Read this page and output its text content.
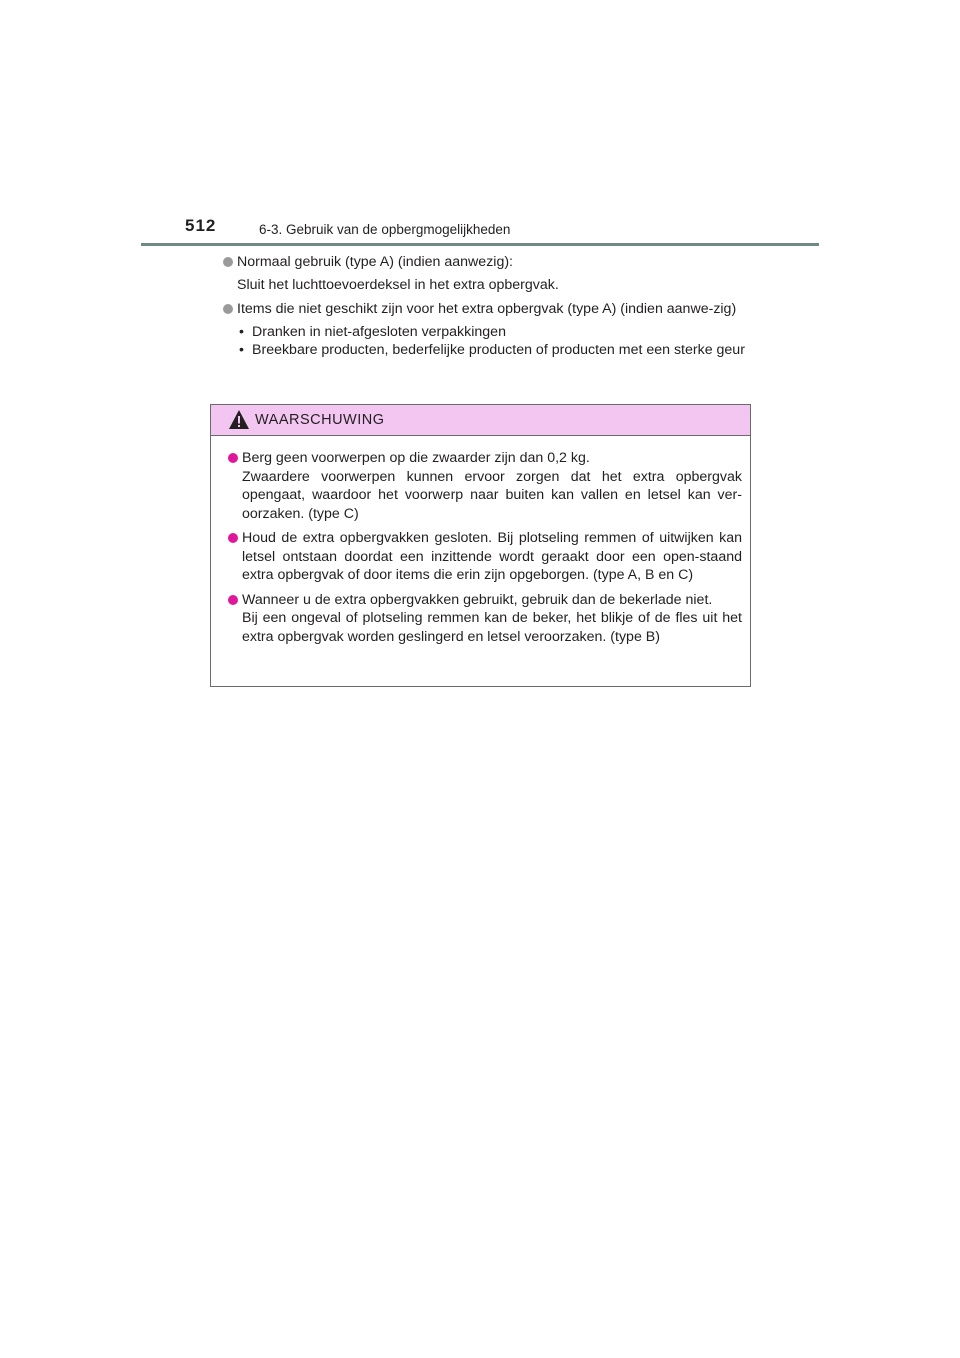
512	6-3. Gebruik van de opbergmogelijkheden
Normaal gebruik (type A) (indien aanwezig):
Sluit het luchttoevoerdeksel in het extra opbergvak.
Items die niet geschikt zijn voor het extra opbergvak (type A) (indien aanwe-zig)
• Dranken in niet-afgesloten verpakkingen
• Breekbare producten, bederfelijke producten of producten met een sterke geur
WAARSCHUWING
Berg geen voorwerpen op die zwaarder zijn dan 0,2 kg.
Zwaardere voorwerpen kunnen ervoor zorgen dat het extra opbergvak opengaat, waardoor het voorwerp naar buiten kan vallen en letsel kan ver-oorzaken. (type C)
Houd de extra opbergvakken gesloten. Bij plotseling remmen of uitwijken kan letsel ontstaan doordat een inzittende wordt geraakt door een open-staand extra opbergvak of door items die erin zijn opgeborgen. (type A, B en C)
Wanneer u de extra opbergvakken gebruikt, gebruik dan de bekerlade niet.
Bij een ongeval of plotseling remmen kan de beker, het blikje of de fles uit het extra opbergvak worden geslingerd en letsel veroorzaken. (type B)
